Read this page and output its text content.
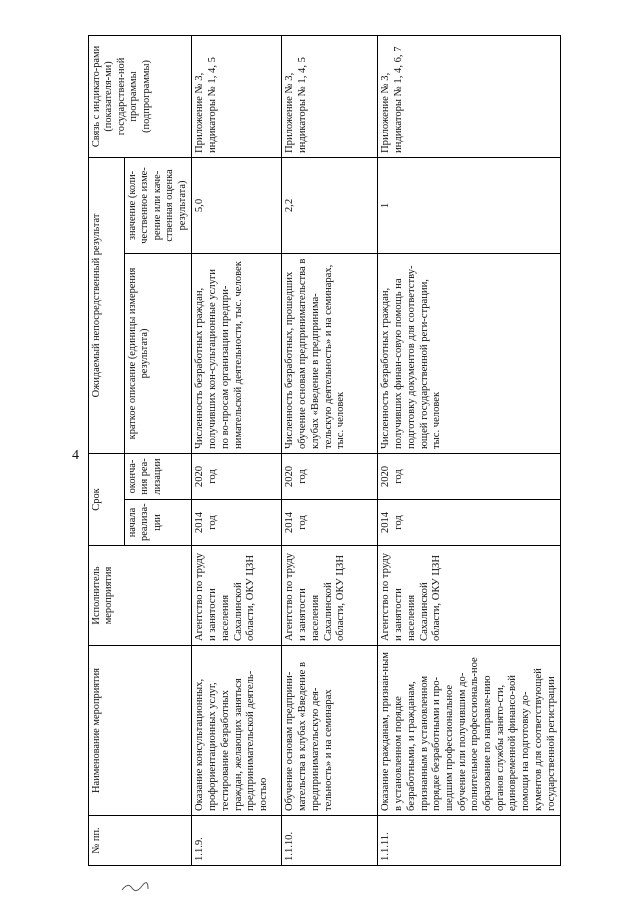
4
№ пп.	Наименование мероприятия	Исполнитель мероприятия	Срок		Ожидаемый непосредственный результат		Связь с индикато-рами (показателя-ми) государствен-ной программы (подпрограммы)
			начала реализа-ции	оконча-ния реа-лизации	краткое описание (единицы измерения результата)	значение (коли-чественное изме-рение или каче-ственная оценка результата)	
1.1.9.	Оказание консультационных, профориентационных услуг, тестирование безработных граждан, желающих заняться предпринимательской деятель-ностью	Агентство по труду и занятости населения Сахалинской области, ОКУ ЦЗН	2014 год	2020 год	Численность безработных граждан, получивших кон-сультационные услуги по во-просам организации предпри-нимательской деятельности, тыс. человек	5,0	Приложение № 3, индикаторы № 1, 4, 5
1.1.10.	Обучение основам предприни-мательства в клубах «Введение в предпринимательскую дея-тельность» и на семинарах	Агентство по труду и занятости населения Сахалинской области, ОКУ ЦЗН	2014 год	2020 год	Численность безработных, прошедших обучение основам предпринимательства в клубах «Введение в предпринима-тельскую деятельность» и на семинарах, тыс. человек	2,2	Приложение № 3, индикаторы № 1, 4, 5
1.1.11.	Оказание гражданам, признан-ным в установленном порядке безработными, и гражданам, признанным в установленном порядке безработными и про-шедшим профессиональное обучение или получившим до-полнительное профессиональ-ное образование по направле-нию органов службы занято-сти, единовременной финансо-вой помощи на подготовку до-кументов для соответствующей государственной регистрации	Агентство по труду и занятости населения Сахалинской области, ОКУ ЦЗН	2014 год	2020 год	Численность безработных граждан, получивших финан-совую помощь на подготовку документов для соответству-ющей государственной реги-страции, тыс. человек	1	Приложение № 3, индикаторы № 1, 4, 6, 7
